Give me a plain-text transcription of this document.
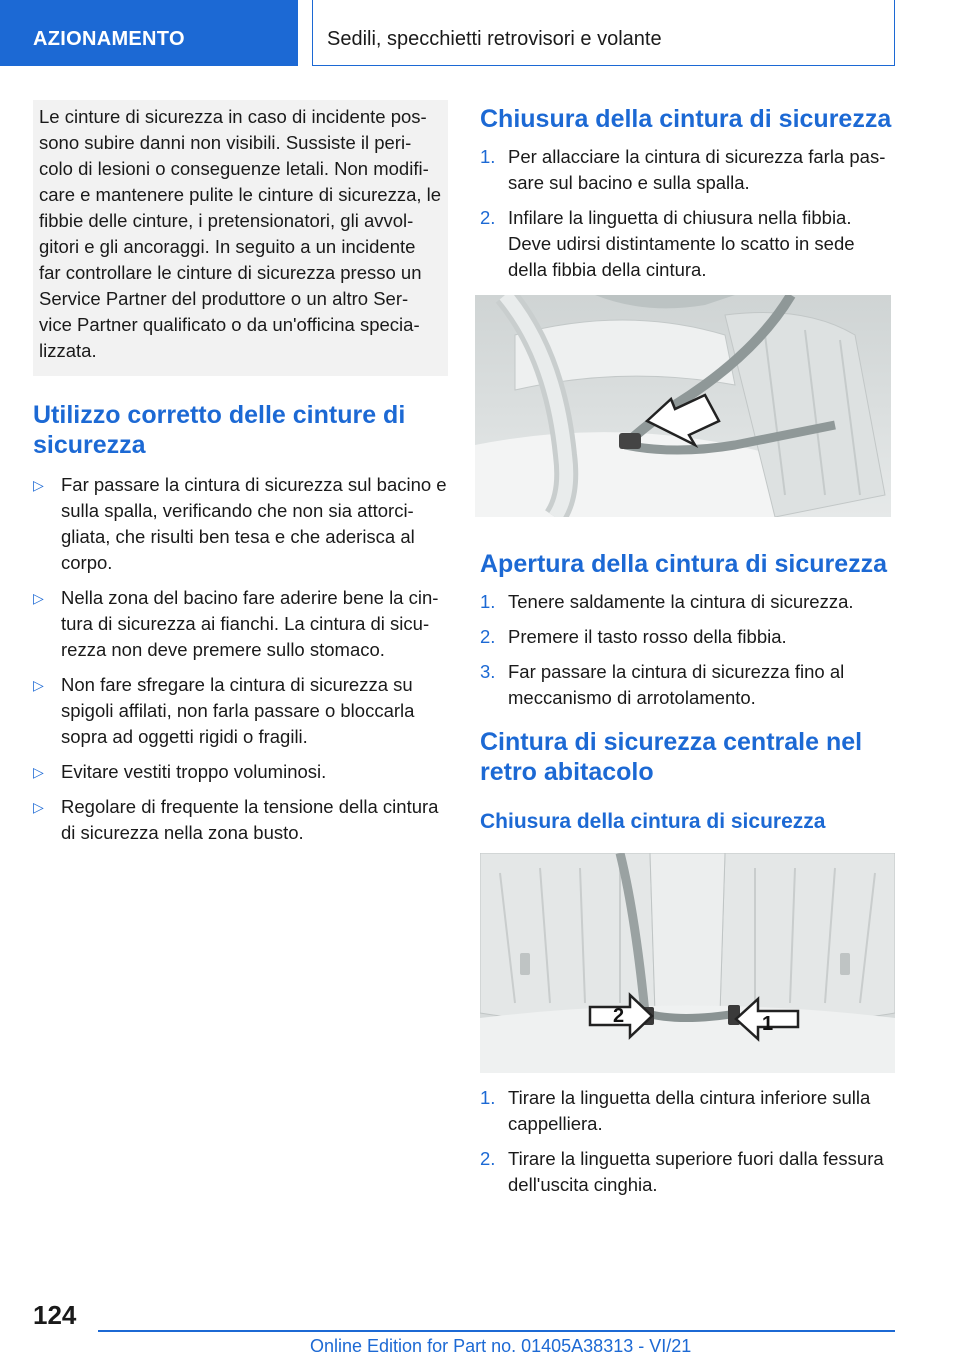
AZIONAMENTO	Sedili, specchietti retrovisori e volante

Le cinture di sicurezza in caso di incidente pos- sono subire danni non visibili. Sussiste il peri- colo di lesioni o conseguenze letali. Non modifi- care e mantenere pulite le cinture di sicurezza, le fibbie delle cinture, i pretensionatori, gli avvol- gitori e gli ancoraggi. In seguito a un incidente far controllare le cinture di sicurezza presso un Service Partner del produttore o un altro Ser- vice Partner qualificato o da un'officina specia- lizzata.

Utilizzo corretto delle cinture di sicurezza
▷ Far passare la cintura di sicurezza sul bacino e sulla spalla, verificando che non sia attorci- gliata, che risulti ben tesa e che aderisca al corpo.
▷ Nella zona del bacino fare aderire bene la cin- tura di sicurezza ai fianchi. La cintura di sicu- rezza non deve premere sullo stomaco.
▷ Non fare sfregare la cintura di sicurezza su spigoli affilati, non farla passare o bloccarla sopra ad oggetti rigidi o fragili.
▷ Evitare vestiti troppo voluminosi.
▷ Regolare di frequente la tensione della cintura di sicurezza nella zona busto.
Chiusura della cintura di sicurezza
1. Per allacciare la cintura di sicurezza farla pas- sare sul bacino e sulla spalla.
2. Infilare la linguetta di chiusura nella fibbia. Deve udirsi distintamente lo scatto in sede della fibbia della cintura.
Apertura della cintura di sicurezza
1. Tenere saldamente la cintura di sicurezza.
2. Premere il tasto rosso della fibbia.
3. Far passare la cintura di sicurezza fino al meccanismo di arrotolamento.
Cintura di sicurezza centrale nel retro abitacolo
Chiusura della cintura di sicurezza
2	1
1. Tirare la linguetta della cintura inferiore sulla cappelliera.
2. Tirare la linguetta superiore fuori dalla fessura dell'uscita cinghia.
124
Online Edition for Part no. 01405A38313 - VI/21
